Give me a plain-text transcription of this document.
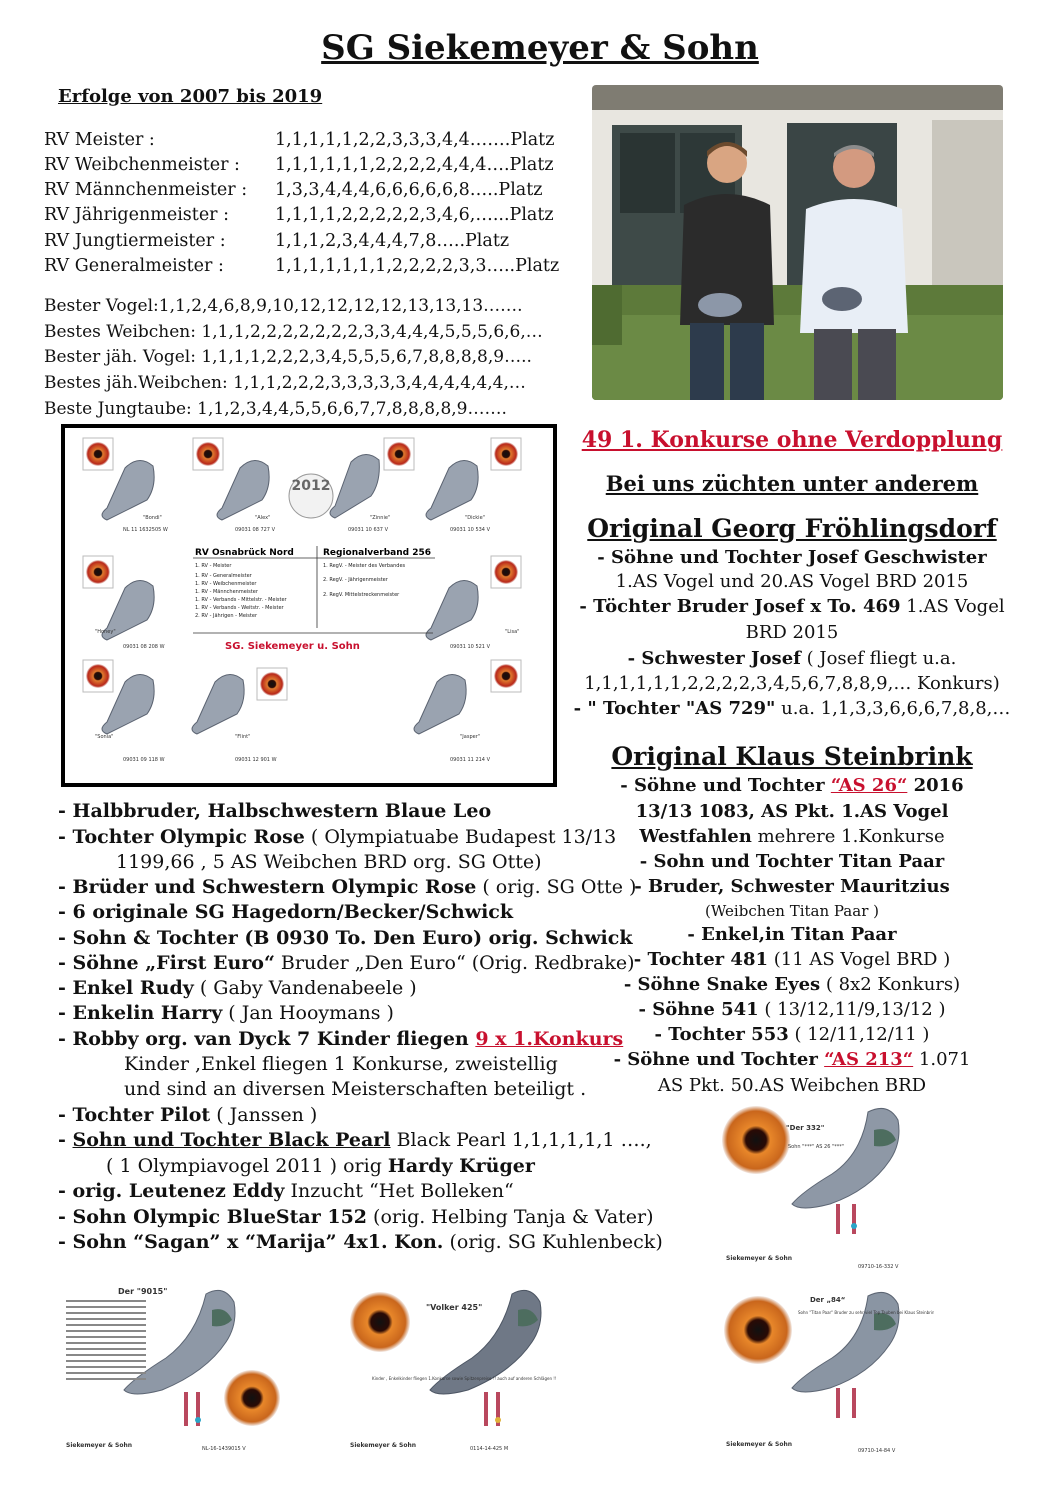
SG Siekemeyer & Sohn
Erfolge von 2007 bis 2019
RV Meister :	1,1,1,1,1,2,2,3,3,3,4,4…….Platz
RV Weibchenmeister : 1,1,1,1,1,1,2,2,2,2,4,4,4….Platz
RV Männchenmeister : 1,3,3,4,4,4,6,6,6,6,6,8…..Platz
RV Jährigenmeister :	1,1,1,1,2,2,2,2,2,3,4,6,…...Platz
RV Jungtiermeister :	1,1,1,2,3,4,4,4,7,8…..Platz
RV Generalmeister :	1,1,1,1,1,1,1,2,2,2,2,3,3…..Platz
Bester Vogel:1,1,2,4,6,8,9,10,12,12,12,12,13,13,13…….
Bestes Weibchen: 1,1,1,2,2,2,2,2,2,2,3,3,4,4,4,5,5,5,6,6,…
Bester jäh. Vogel: 1,1,1,1,2,2,2,3,4,5,5,5,6,7,8,8,8,8,9…..
Bestes jäh.Weibchen: 1,1,1,2,2,2,3,3,3,3,3,4,4,4,4,4,4,…
Beste Jungtaube: 1,1,2,3,4,4,5,5,6,6,7,7,8,8,8,8,9…….
2012
RV Osnabrück Nord	Regionalverband 256
1. RV - Meister
1. RV - Generalmeister
1. RV - Weibchenmeister
1. RV - Männchenmeister
1. RV - Verbands - Mittelstr. - Meister
1. RV - Verbands - Weitstr. - Meister
2. RV - Jährigen - Meister
1. RegV. - Meister des Verbandes
2. RegV. - Jährigenmeister
2. RegV. Mittelstreckenmeister
SG. Siekemeyer u. Sohn
"Bondi"	"Alex"	"Zinnie"	"Dickie"
"Honey"	"Lisa"
"Sonia"	"Flint"	"Jasper"
NL 11 1632505 W	09031 08 727 V	09031 10 637 V	09031 10 534 V
09031 08 208 W	09031 10 521 V
09031 09 118 W	09031 12 901 W	09031 11 214 V
49 1. Konkurse ohne Verdopplung
Bei uns züchten unter anderem
Original Georg Fröhlingsdorf
- Söhne und Tochter Josef Geschwister
1.AS Vogel und 20.AS Vogel BRD 2015
- Töchter Bruder Josef x To. 469 1.AS Vogel
BRD 2015
- Schwester Josef ( Josef fliegt u.a.
1,1,1,1,1,1,2,2,2,2,3,4,5,6,7,8,8,9,… Konkurs)
- " Tochter "AS 729" u.a. 1,1,3,3,6,6,6,7,8,8,…
Original Klaus Steinbrink
- Söhne und Tochter “AS 26“ 2016
13/13 1083, AS Pkt. 1.AS Vogel
Westfahlen mehrere 1.Konkurse
- Sohn und Tochter Titan Paar
- Bruder, Schwester Mauritzius
(Weibchen Titan Paar )
- Enkel,in Titan Paar
- Tochter 481 (11 AS Vogel BRD )
- Söhne Snake Eyes ( 8x2 Konkurs)
- Söhne 541 ( 13/12,11/9,13/12 )
- Tochter 553 ( 12/11,12/11 )
- Söhne und Tochter “AS 213“ 1.071
AS Pkt. 50.AS Weibchen BRD
- Halbbruder, Halbschwestern Blaue Leo
- Tochter Olympic Rose ( Olympiatuabe Budapest 13/13
1199,66 , 5 AS Weibchen BRD org. SG Otte)
- Brüder und Schwestern Olympic Rose ( orig. SG Otte )
- 6 originale SG Hagedorn/Becker/Schwick
- Sohn & Tochter (B 0930 To. Den Euro) orig. Schwick
- Söhne „First Euro“ Bruder „Den Euro“ (Orig. Redbrake)
- Enkel Rudy ( Gaby Vandenabeele )
- Enkelin Harry ( Jan Hooymans )
- Robby org. van Dyck 7 Kinder fliegen 9 x 1.Konkurs
Kinder ,Enkel fliegen 1 Konkurse, zweistellig
und sind an diversen Meisterschaften beteiligt .
- Tochter Pilot ( Janssen )
- Sohn und Tochter Black Pearl Black Pearl 1,1,1,1,1,1 ….,
( 1 Olympiavogel 2011 ) orig Hardy Krüger
- orig. Leutenez Eddy Inzucht “Het Bolleken“
- Sohn Olympic BlueStar 152 (orig. Helbing Tanja & Vater)
- Sohn “Sagan” x “Marija” 4x1. Kon. (orig. SG Kuhlenbeck)
"Der 332"
Sohn "***" AS 26 "***"
Siekemeyer & Sohn
09710-16-332 V
Der „84“
Sohn "Titan Paar" Bruder zu sehr viel Top Tauben bei Klaus Steinbrink
Siekemeyer & Sohn
09710-14-84 V
Der "9015"
Siekemeyer & Sohn	NL-16-1439015 V
"Volker 425"
Kinder , Enkelkinder fliegen 1.Konkurse sowie Spitzenpreise !! auch auf anderen Schlägen !!
Siekemeyer & Sohn	0114-14-425 M
